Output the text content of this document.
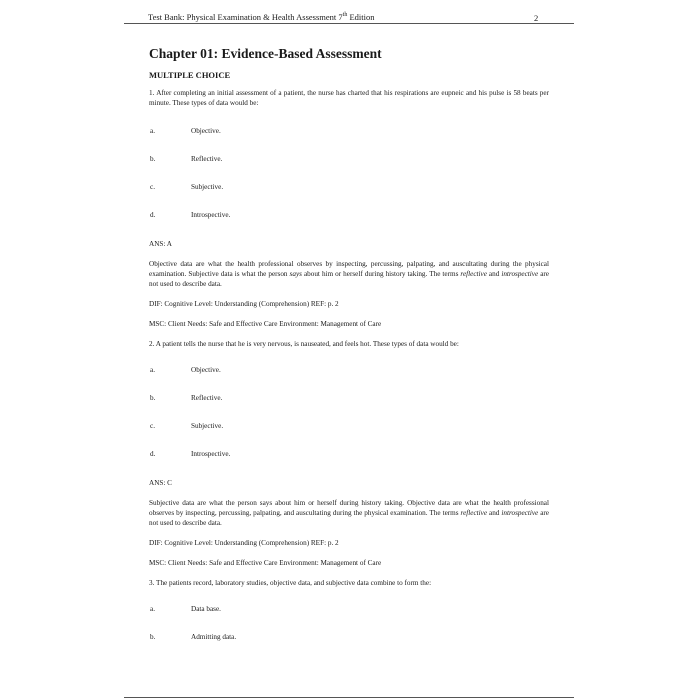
Test Bank: Physical Examination & Health Assessment 7th Edition	2
Chapter 01: Evidence-Based Assessment
MULTIPLE CHOICE
1. After completing an initial assessment of a patient, the nurse has charted that his respirations are eupneic and his pulse is 58 beats per minute. These types of data would be:
a.	Objective.
b.	Reflective.
c.	Subjective.
d.	Introspective.
ANS: A
Objective data are what the health professional observes by inspecting, percussing, palpating, and auscultating during the physical examination. Subjective data is what the person says about him or herself during history taking. The terms reflective and introspective are not used to describe data.
DIF: Cognitive Level: Understanding (Comprehension) REF: p. 2
MSC: Client Needs: Safe and Effective Care Environment: Management of Care
2. A patient tells the nurse that he is very nervous, is nauseated, and feels hot. These types of data would be:
a.	Objective.
b.	Reflective.
c.	Subjective.
d.	Introspective.
ANS: C
Subjective data are what the person says about him or herself during history taking. Objective data are what the health professional observes by inspecting, percussing, palpating, and auscultating during the physical examination. The terms reflective and introspective are not used to describe data.
DIF: Cognitive Level: Understanding (Comprehension) REF: p. 2
MSC: Client Needs: Safe and Effective Care Environment: Management of Care
3. The patients record, laboratory studies, objective data, and subjective data combine to form the:
a.	Data base.
b.	Admitting data.
